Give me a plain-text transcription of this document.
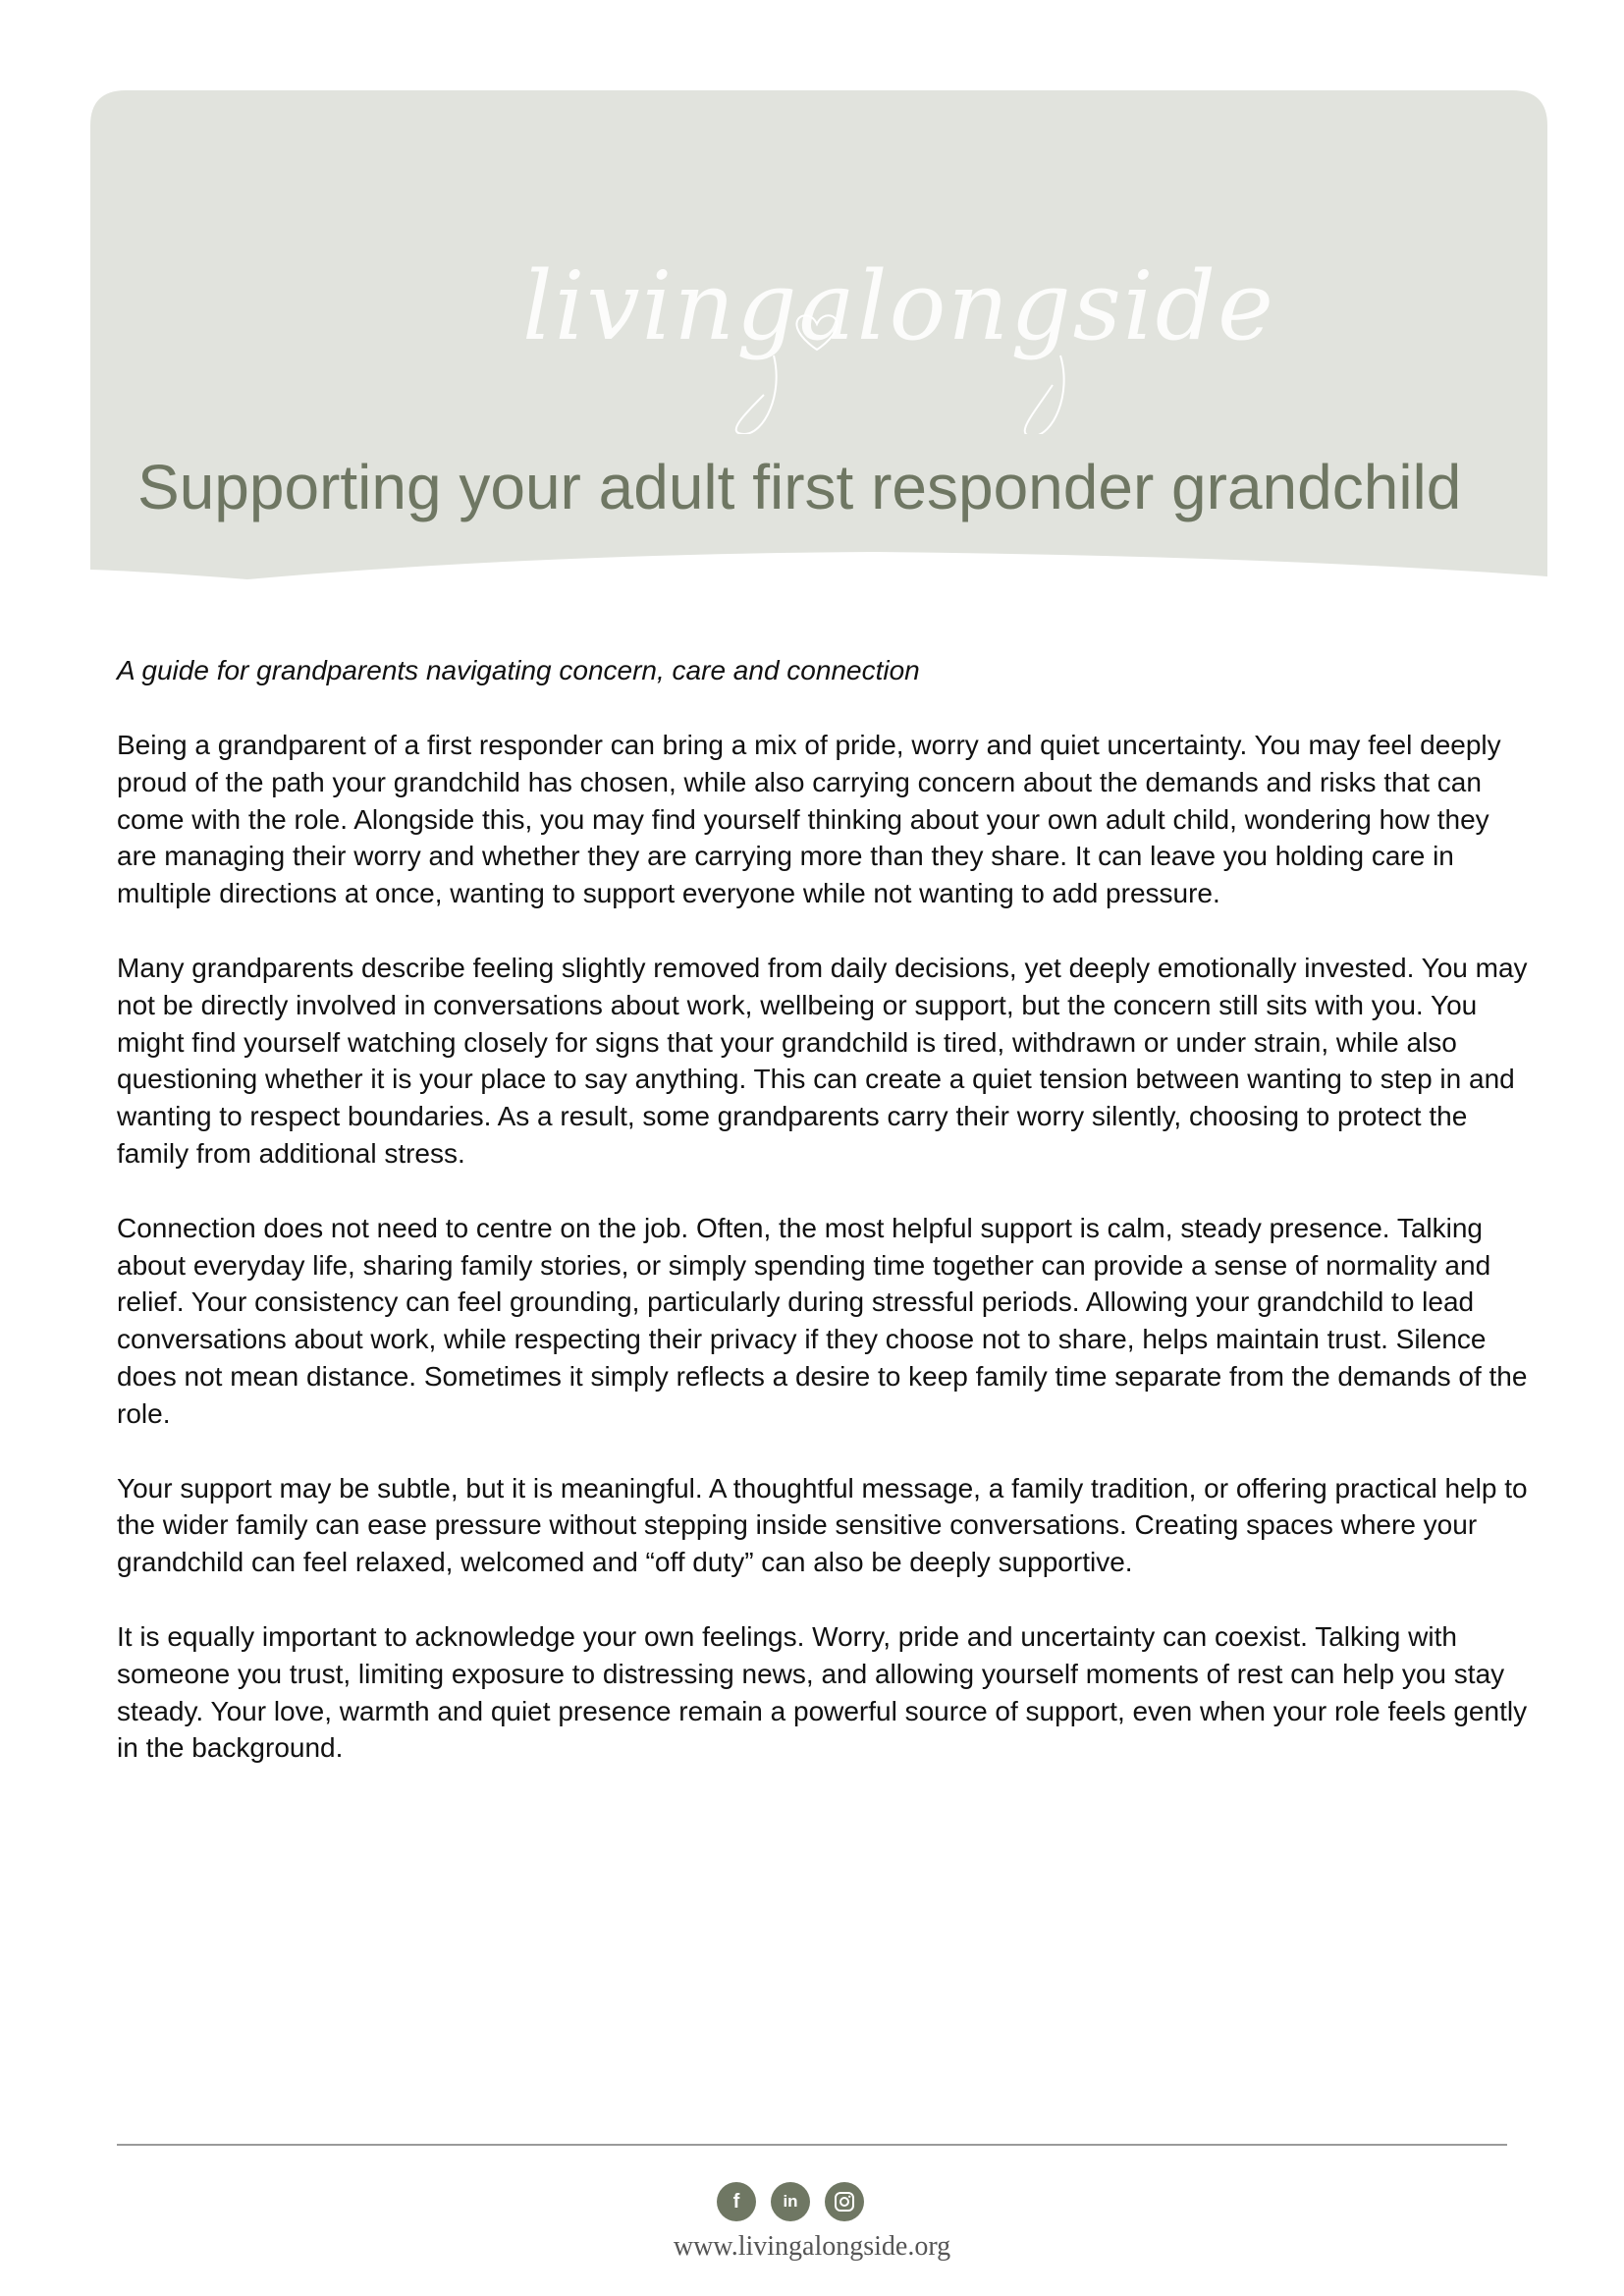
livingalongside
Supporting your adult first responder grandchild

A guide for grandparents navigating concern, care and connection

Being a grandparent of a first responder can bring a mix of pride, worry and quiet uncertainty. You may feel deeply proud of the path your grandchild has chosen, while also carrying concern about the demands and risks that can come with the role. Alongside this, you may find yourself thinking about your own adult child, wondering how they are managing their worry and whether they are carrying more than they share. It can leave you holding care in multiple directions at once, wanting to support everyone while not wanting to add pressure.

Many grandparents describe feeling slightly removed from daily decisions, yet deeply emotionally invested. You may not be directly involved in conversations about work, wellbeing or support, but the concern still sits with you. You might find yourself watching closely for signs that your grandchild is tired, withdrawn or under strain, while also questioning whether it is your place to say anything. This can create a quiet tension between wanting to step in and wanting to respect boundaries. As a result, some grandparents carry their worry silently, choosing to protect the family from additional stress.

Connection does not need to centre on the job. Often, the most helpful support is calm, steady presence. Talking about everyday life, sharing family stories, or simply spending time together can provide a sense of normality and relief. Your consistency can feel grounding, particularly during stressful periods. Allowing your grandchild to lead conversations about work, while respecting their privacy if they choose not to share, helps maintain trust. Silence does not mean distance. Sometimes it simply reflects a desire to keep family time separate from the demands of the role.

Your support may be subtle, but it is meaningful. A thoughtful message, a family tradition, or offering practical help to the wider family can ease pressure without stepping inside sensitive conversations. Creating spaces where your grandchild can feel relaxed, welcomed and “off duty” can also be deeply supportive.

It is equally important to acknowledge your own feelings. Worry, pride and uncertainty can coexist. Talking with someone you trust, limiting exposure to distressing news, and allowing yourself moments of rest can help you stay steady. Your love, warmth and quiet presence remain a powerful source of support, even when your role feels gently in the background.

f	in
www.livingalongside.org
